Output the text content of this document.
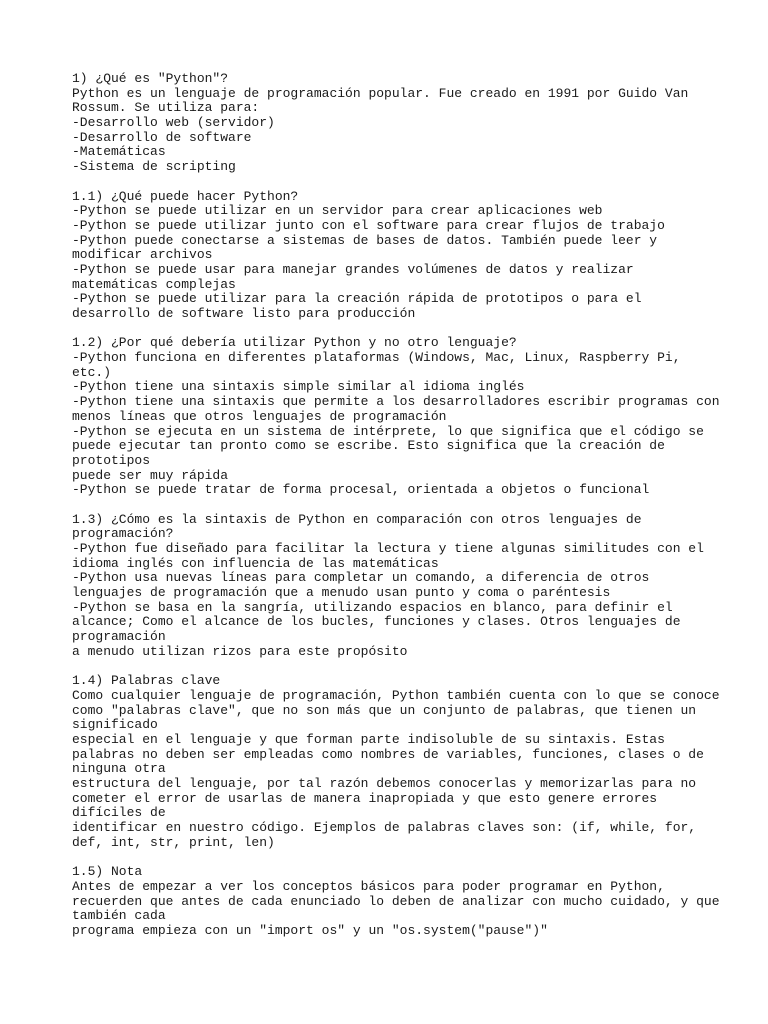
1) ¿Qué es "Python"?
Python es un lenguaje de programación popular. Fue creado en 1991 por Guido Van
Rossum. Se utiliza para:
-Desarrollo web (servidor)
-Desarrollo de software
-Matemáticas
-Sistema de scripting
1.1) ¿Qué puede hacer Python?
-Python se puede utilizar en un servidor para crear aplicaciones web
-Python se puede utilizar junto con el software para crear flujos de trabajo
-Python puede conectarse a sistemas de bases de datos. También puede leer y
modificar archivos
-Python se puede usar para manejar grandes volúmenes de datos y realizar
matemáticas complejas
-Python se puede utilizar para la creación rápida de prototipos o para el
desarrollo de software listo para producción
1.2) ¿Por qué debería utilizar Python y no otro lenguaje?
-Python funciona en diferentes plataformas (Windows, Mac, Linux, Raspberry Pi,
etc.)
-Python tiene una sintaxis simple similar al idioma inglés
-Python tiene una sintaxis que permite a los desarrolladores escribir programas con
menos líneas que otros lenguajes de programación
-Python se ejecuta en un sistema de intérprete, lo que significa que el código se
puede ejecutar tan pronto como se escribe. Esto significa que la creación de
prototipos
puede ser muy rápida
-Python se puede tratar de forma procesal, orientada a objetos o funcional
1.3) ¿Cómo es la sintaxis de Python en comparación con otros lenguajes de
programación?
-Python fue diseñado para facilitar la lectura y tiene algunas similitudes con el
idioma inglés con influencia de las matemáticas
-Python usa nuevas líneas para completar un comando, a diferencia de otros
lenguajes de programación que a menudo usan punto y coma o paréntesis
-Python se basa en la sangría, utilizando espacios en blanco, para definir el
alcance; Como el alcance de los bucles, funciones y clases. Otros lenguajes de
programación
a menudo utilizan rizos para este propósito
1.4) Palabras clave
Como cualquier lenguaje de programación, Python también cuenta con lo que se conoce
como "palabras clave", que no son más que un conjunto de palabras, que tienen un
significado
especial en el lenguaje y que forman parte indisoluble de su sintaxis. Estas
palabras no deben ser empleadas como nombres de variables, funciones, clases o de
ninguna otra
estructura del lenguaje, por tal razón debemos conocerlas y memorizarlas para no
cometer el error de usarlas de manera inapropiada y que esto genere errores
difíciles de
identificar en nuestro código. Ejemplos de palabras claves son: (if, while, for,
def, int, str, print, len)
1.5) Nota
Antes de empezar a ver los conceptos básicos para poder programar en Python,
recuerden que antes de cada enunciado lo deben de analizar con mucho cuidado, y que
también cada
programa empieza con un "import os" y un "os.system("pause")"
